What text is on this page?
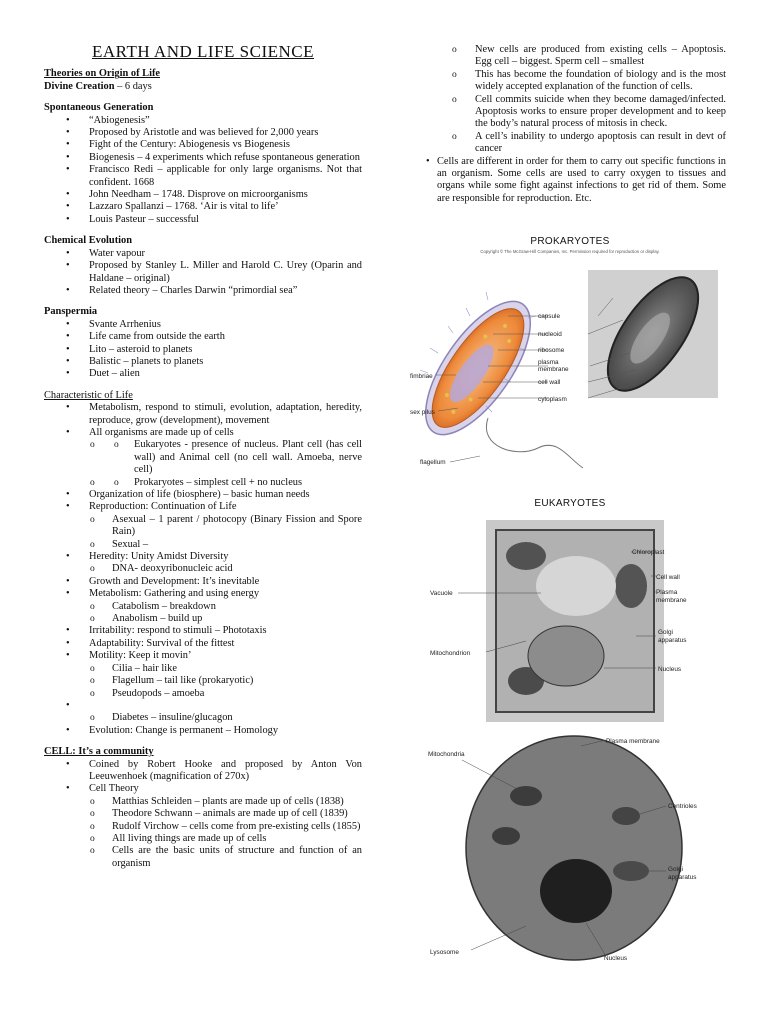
EARTH AND LIFE SCIENCE
Theories on Origin of Life
Divine Creation – 6 days
Spontaneous Generation
• “Abiogenesis”
• Proposed by Aristotle and was believed for 2,000 years
• Fight of the Century: Abiogenesis vs Biogenesis
• Biogenesis – 4 experiments which refuse spontaneous generation
• Francisco Redi – applicable for only large organisms. Not that confident. 1668
• John Needham – 1748. Disprove on microorganisms
• Lazzaro Spallanzi – 1768. ‘Air is vital to life’
• Louis Pasteur – successful
Chemical Evolution
• Water vapour
• Proposed by Stanley L. Miller and Harold C. Urey (Oparin and Haldane – original)
• Related theory – Charles Darwin “primordial sea”
Panspermia
• Svante Arrhenius
• Life came from outside the earth
• Lito – asteroid to planets
• Balistic – planets to planets
• Duet – alien
Characteristic of Life
• Metabolism, respond to stimuli, evolution, adaptation, heredity, reproduce, grow (development), movement
• All organisms are made up of cells
o o Eukaryotes - presence of nucleus. Plant cell (has cell wall) and Animal cell (no cell wall. Amoeba, nerve cell)
o o Prokaryotes – simplest cell + no nucleus
• Organization of life (biosphere) – basic human needs
• Reproduction: Continuation of Life
o Asexual – 1 parent / photocopy (Binary Fission and Spore Rain)
o Sexual –
• Heredity: Unity Amidst Diversity
o DNA- deoxyribonucleic acid
• Growth and Development: It’s inevitable
• Metabolism: Gathering and using energy
o Catabolism – breakdown
o Anabolism – build up
• Irritability: respond to stimuli – Phototaxis
• Adaptability: Survival of the fittest
• Motility: Keep it movin’
o Cilia – hair like
o Flagellum – tail like (prokaryotic)
o Pseudopods – amoeba
•
o Diabetes – insuline/glucagon
• Evolution: Change is permanent – Homology
CELL: It’s a community
• Coined by Robert Hooke and proposed by Anton Von Leeuwenhoek (magnification of 270x)
• Cell Theory
o Matthias Schleiden – plants are made up of cells (1838)
o Theodore Schwann – animals are made up of cell (1839)
o Rudolf Virchow – cells come from pre-existing cells (1855)
o All living things are made up of cells
o Cells are the basic units of structure and function of an organism
o New cells are produced from existing cells – Apoptosis. Egg cell – biggest. Sperm cell – smallest
o This has become the foundation of biology and is the most widely accepted explanation of the function of cells.
o Cell commits suicide when they become damaged/infected. Apoptosis works to ensure proper development and to keep the body’s natural process of mitosis in check.
o A cell’s inability to undergo apoptosis can result in devt of cancer
• Cells are different in order for them to carry out specific functions in an organism. Some cells are used to carry oxygen to tissues and organs while some fight against infections to get rid of them. Some are responsible for reproduction. Etc.
PROKARYOTES
Copyright © The McGraw-Hill Companies, Inc. Permission required for reproduction or display.
capsule
nucleoid
ribosome
plasma
membrane
cell wall
cytoplasm
fimbriae
sex pilus
flagellum
EUKARYOTES
Chloroplast
Cell wall
Plasma
membrane
Vacuole
Golgi
apparatus
Mitochondrion
Nucleus
Plasma membrane
Mitochondria
Centrioles
Golgi
apparatus
Lysosome
Nucleus
